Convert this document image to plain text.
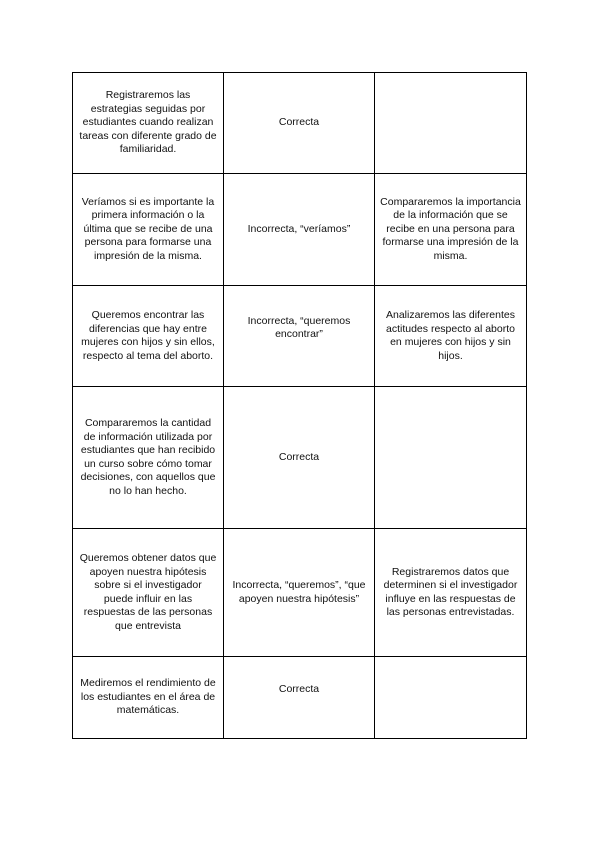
Registraremos las estrategias seguidas por estudiantes cuando realizan tareas con diferente grado de familiaridad.	Correcta	

Veríamos si es importante la primera información o la última que se recibe de una persona para formarse una impresión de la misma.	Incorrecta, “veríamos”	Compararemos la importancia de la información que se recibe en una persona para formarse una impresión de la misma.

Queremos encontrar las diferencias que hay entre mujeres con hijos y sin ellos, respecto al tema del aborto.	Incorrecta, “queremos encontrar”	Analizaremos las diferentes actitudes respecto al aborto en mujeres con hijos y sin hijos.

Compararemos la cantidad de información utilizada por estudiantes que han recibido un curso sobre cómo tomar decisiones, con aquellos que no lo han hecho.	Correcta	

Queremos obtener datos que apoyen nuestra hipótesis sobre si el investigador puede influir en las respuestas de las personas que entrevista	Incorrecta, “queremos”, “que apoyen nuestra hipótesis”	Registraremos datos que determinen si el investigador influye en las respuestas de las personas entrevistadas.

Mediremos el rendimiento de los estudiantes en el área de matemáticas.	Correcta	
